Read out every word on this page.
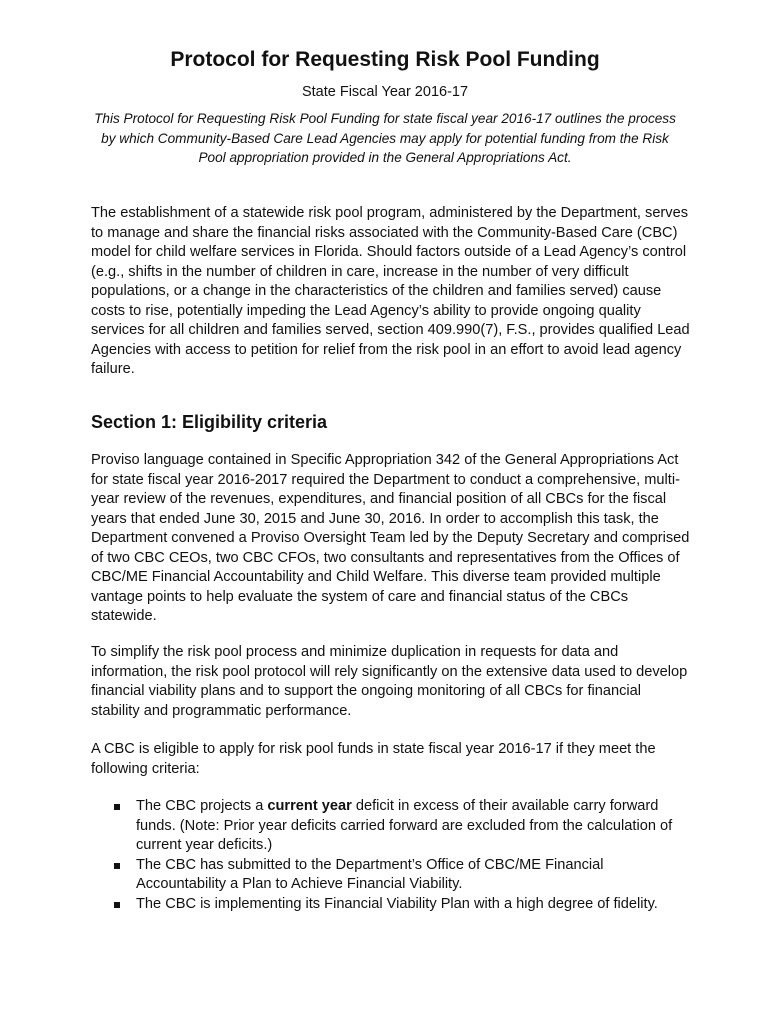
Protocol for Requesting Risk Pool Funding
State Fiscal Year 2016-17
This Protocol for Requesting Risk Pool Funding for state fiscal year 2016-17 outlines the process by which Community-Based Care Lead Agencies may apply for potential funding from the Risk Pool appropriation provided in the General Appropriations Act.

The establishment of a statewide risk pool program, administered by the Department, serves to manage and share the financial risks associated with the Community-Based Care (CBC) model for child welfare services in Florida. Should factors outside of a Lead Agency’s control (e.g., shifts in the number of children in care, increase in the number of very difficult populations, or a change in the characteristics of the children and families served) cause costs to rise, potentially impeding the Lead Agency’s ability to provide ongoing quality services for all children and families served, section 409.990(7), F.S., provides qualified Lead Agencies with access to petition for relief from the risk pool in an effort to avoid lead agency failure.

Section 1: Eligibility criteria

Proviso language contained in Specific Appropriation 342 of the General Appropriations Act for state fiscal year 2016-2017 required the Department to conduct a comprehensive, multi-year review of the revenues, expenditures, and financial position of all CBCs for the fiscal years that ended June 30, 2015 and June 30, 2016. In order to accomplish this task, the Department convened a Proviso Oversight Team led by the Deputy Secretary and comprised of two CBC CEOs, two CBC CFOs, two consultants and representatives from the Offices of CBC/ME Financial Accountability and Child Welfare. This diverse team provided multiple vantage points to help evaluate the system of care and financial status of the CBCs statewide.

To simplify the risk pool process and minimize duplication in requests for data and information, the risk pool protocol will rely significantly on the extensive data used to develop financial viability plans and to support the ongoing monitoring of all CBCs for financial stability and programmatic performance.

A CBC is eligible to apply for risk pool funds in state fiscal year 2016-17 if they meet the following criteria:

The CBC projects a current year deficit in excess of their available carry forward funds. (Note: Prior year deficits carried forward are excluded from the calculation of current year deficits.)
The CBC has submitted to the Department’s Office of CBC/ME Financial Accountability a Plan to Achieve Financial Viability.
The CBC is implementing its Financial Viability Plan with a high degree of fidelity.
